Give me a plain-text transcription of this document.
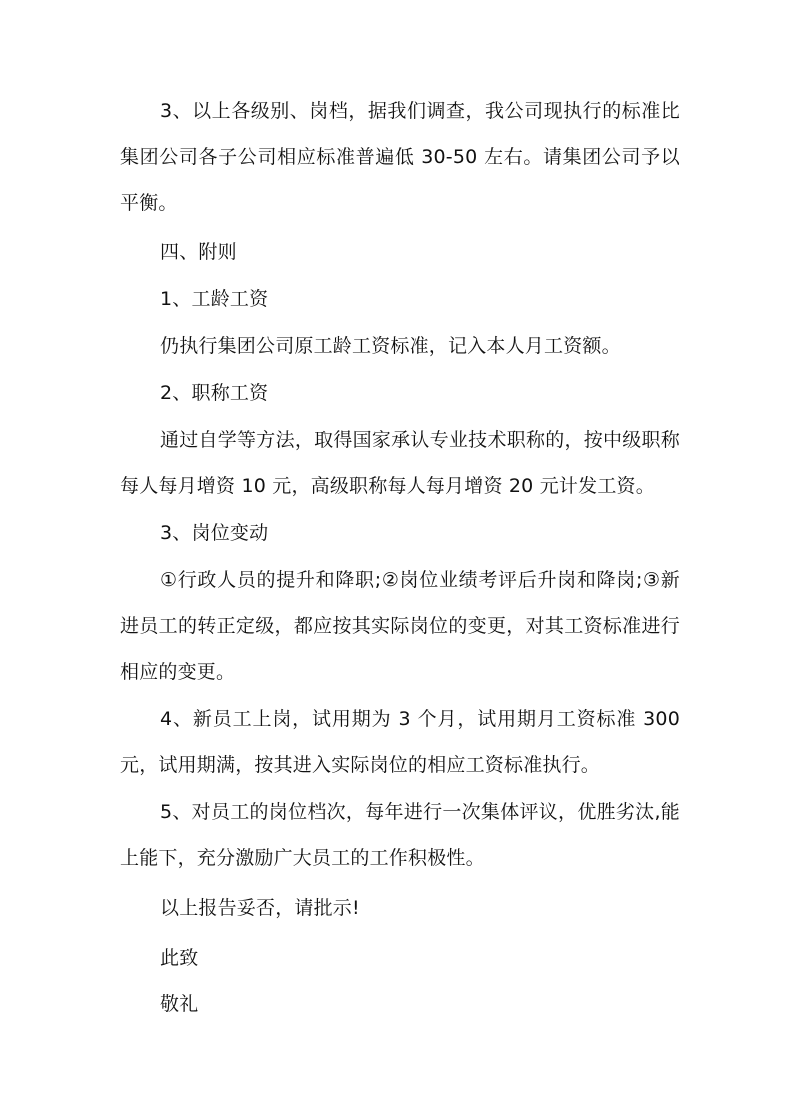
3、以上各级别、岗档，据我们调查，我公司现执行的标准比集团公司各子公司相应标准普遍低 30-50 左右。请集团公司予以平衡。

四、附则

1、工龄工资

仍执行集团公司原工龄工资标准，记入本人月工资额。

2、职称工资

通过自学等方法，取得国家承认专业技术职称的，按中级职称每人每月增资 10 元，高级职称每人每月增资 20 元计发工资。

3、岗位变动

①行政人员的提升和降职;②岗位业绩考评后升岗和降岗;③新进员工的转正定级，都应按其实际岗位的变更，对其工资标准进行相应的变更。

4、新员工上岗，试用期为 3 个月，试用期月工资标准 300 元，试用期满，按其进入实际岗位的相应工资标准执行。

5、对员工的岗位档次，每年进行一次集体评议，优胜劣汰,能上能下，充分激励广大员工的工作积极性。

以上报告妥否，请批示!

此致

敬礼
